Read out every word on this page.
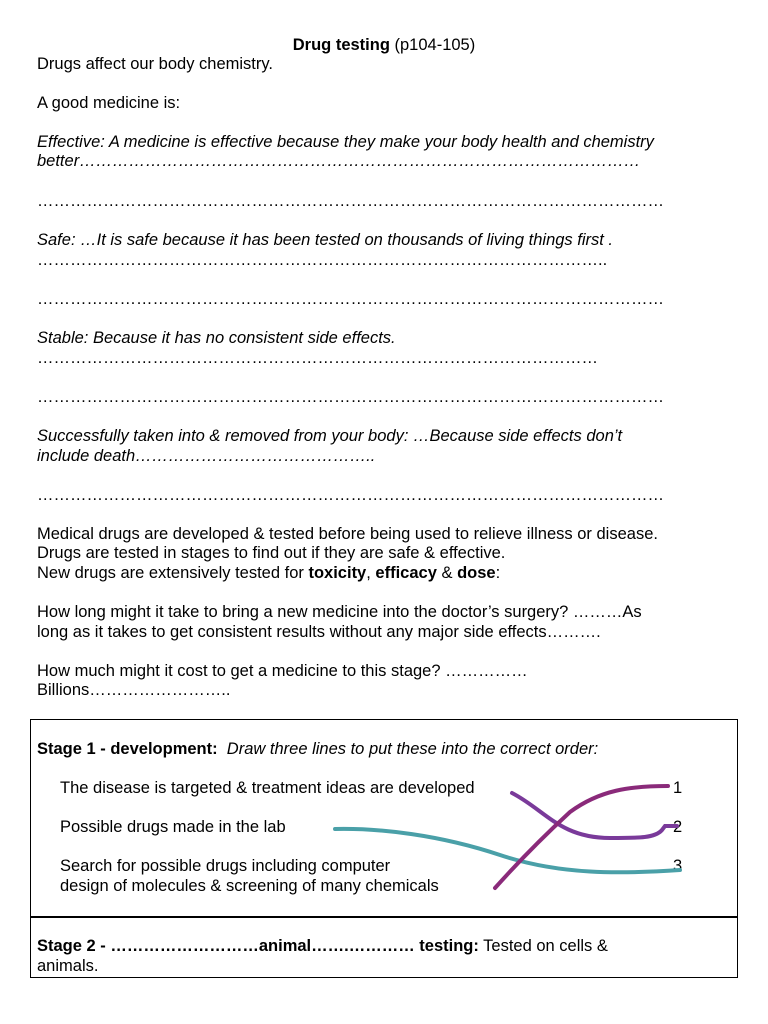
Drug testing (p104-105)
Drugs affect our body chemistry.
A good medicine is:
Effective: A medicine is effective because they make your body health and chemistry
better…………………………………………………………………………………………
……………………………………………………………………………………………………
Safe: …It is safe because it has been tested on thousands of living things first .
…………………………………………………………………………………………..
……………………………………………………………………………………………………
Stable: Because it has no consistent side effects.
…………………………………………………………………………………………
……………………………………………………………………………………………………
Successfully taken into & removed from your body: …Because side effects don’t
include death……………………………………..
……………………………………………………………………………………………………
Medical drugs are developed & tested before being used to relieve illness or disease.
Drugs are tested in stages to find out if they are safe & effective.
New drugs are extensively tested for toxicity, efficacy & dose:
How long might it take to bring a new medicine into the doctor’s surgery? ………As
long as it takes to get consistent results without any major side effects……….
How much might it cost to get a medicine to this stage? ……………
Billions……………………..
Stage 1 - development: Draw three lines to put these into the correct order:
The disease is targeted & treatment ideas are developed
Possible drugs made in the lab
Search for possible drugs including computer
design of molecules & screening of many chemicals
1
2
3
Stage 2 - ………………………animal…….………… testing: Tested on cells &
animals.
